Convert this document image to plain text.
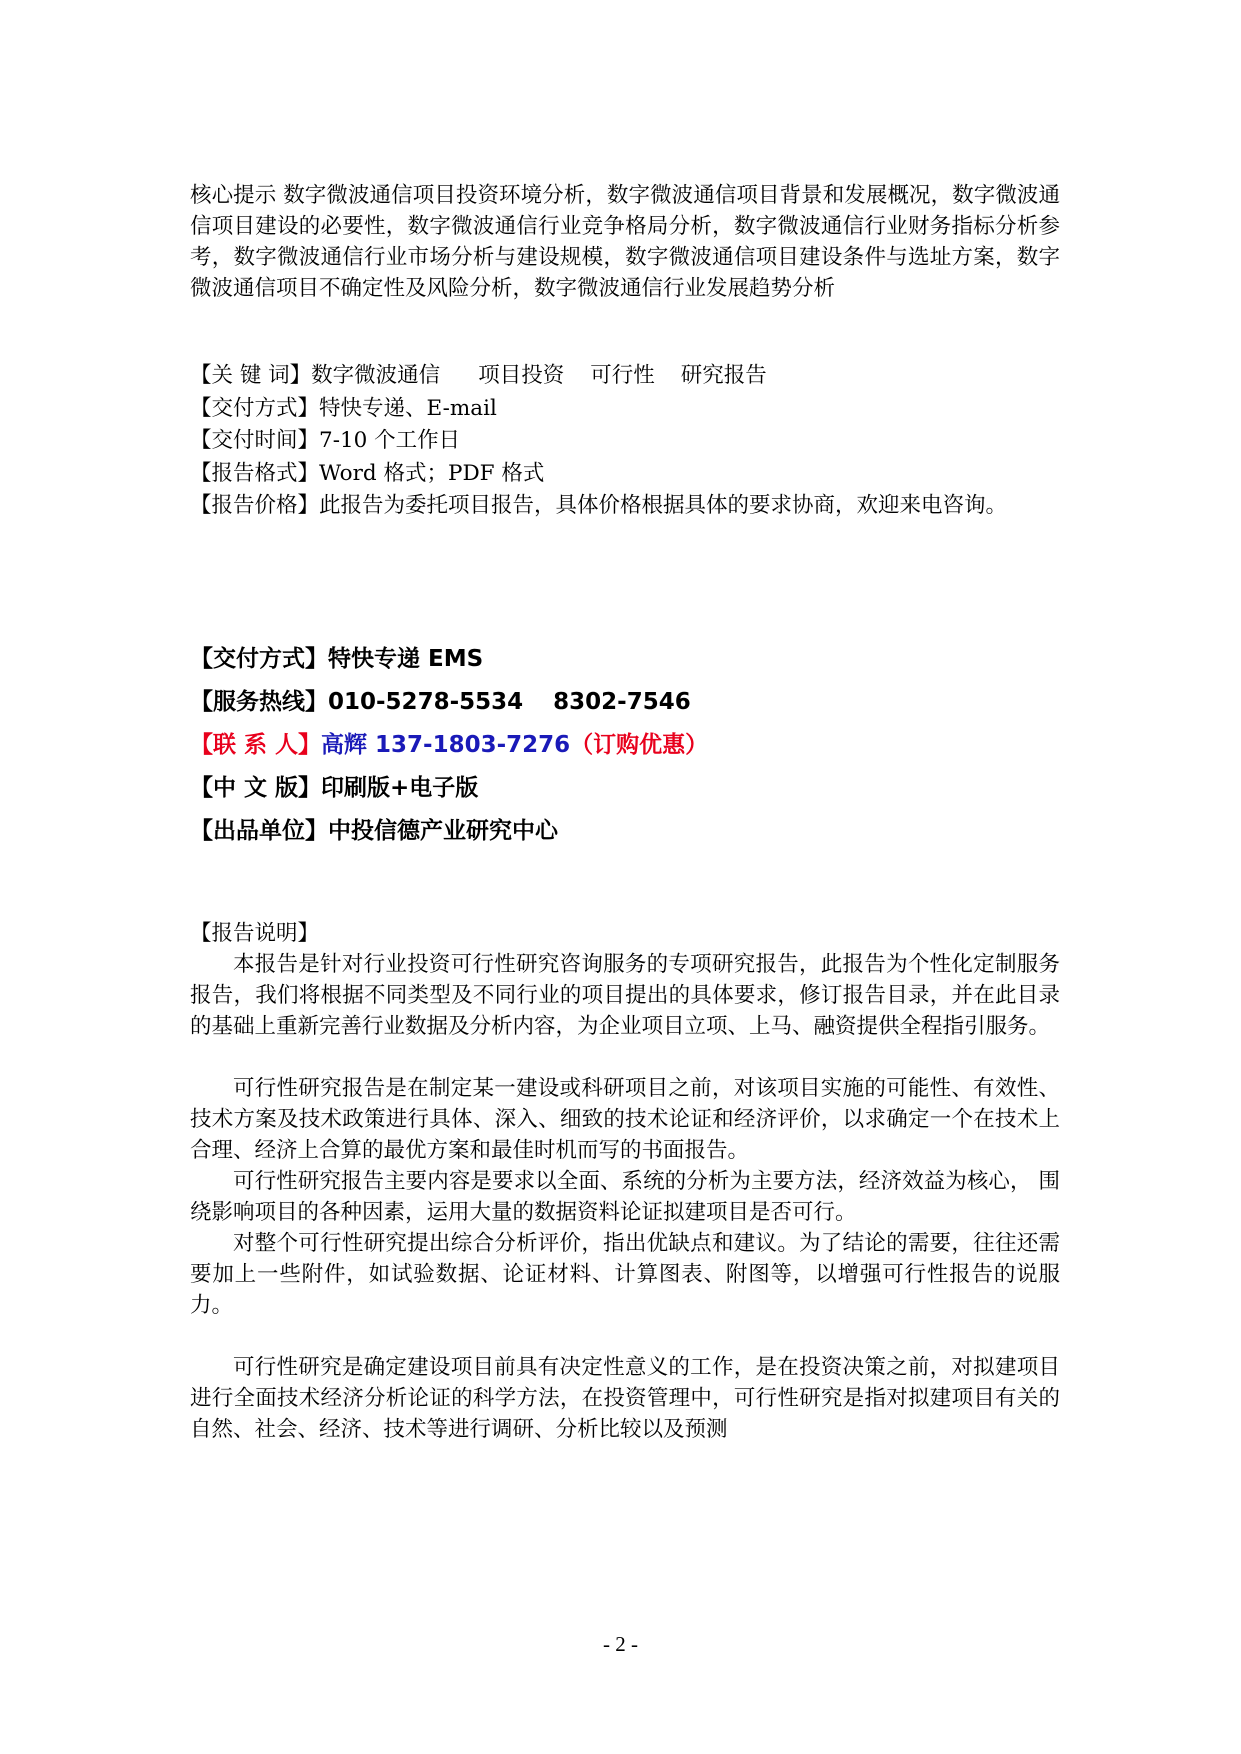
核心提示 数字微波通信项目投资环境分析，数字微波通信项目背景和发展概况，数字微波通信项目建设的必要性，数字微波通信行业竞争格局分析，数字微波通信行业财务指标分析参考，数字微波通信行业市场分析与建设规模，数字微波通信项目建设条件与选址方案，数字微波通信项目不确定性及风险分析，数字微波通信行业发展趋势分析

【关 键 词】数字微波通信 项目投资 可行性 研究报告

【交付方式】特快专递、E-mail

【交付时间】7-10 个工作日

【报告格式】Word 格式；PDF 格式

【报告价格】此报告为委托项目报告，具体价格根据具体的要求协商，欢迎来电咨询。

【交付方式】特快专递 EMS

【服务热线】010-5278-5534 8302-7546

【联 系 人】高辉 137-1803-7276（订购优惠）

【中 文 版】印刷版+电子版

【出品单位】中投信德产业研究中心

【报告说明】

本报告是针对行业投资可行性研究咨询服务的专项研究报告，此报告为个性化定制服务报告，我们将根据不同类型及不同行业的项目提出的具体要求，修订报告目录，并在此目录的基础上重新完善行业数据及分析内容，为企业项目立项、上马、融资提供全程指引服务。

可行性研究报告是在制定某一建设或科研项目之前，对该项目实施的可能性、有效性、技术方案及技术政策进行具体、深入、细致的技术论证和经济评价，以求确定一个在技术上合理、经济上合算的最优方案和最佳时机而写的书面报告。

可行性研究报告主要内容是要求以全面、系统的分析为主要方法，经济效益为核心， 围绕影响项目的各种因素，运用大量的数据资料论证拟建项目是否可行。

对整个可行性研究提出综合分析评价，指出优缺点和建议。为了结论的需要，往往还需要加上一些附件，如试验数据、论证材料、计算图表、附图等，以增强可行性报告的说服力。

可行性研究是确定建设项目前具有决定性意义的工作，是在投资决策之前，对拟建项目进行全面技术经济分析论证的科学方法，在投资管理中，可行性研究是指对拟建项目有关的自然、社会、经济、技术等进行调研、分析比较以及预测

- 2 -
